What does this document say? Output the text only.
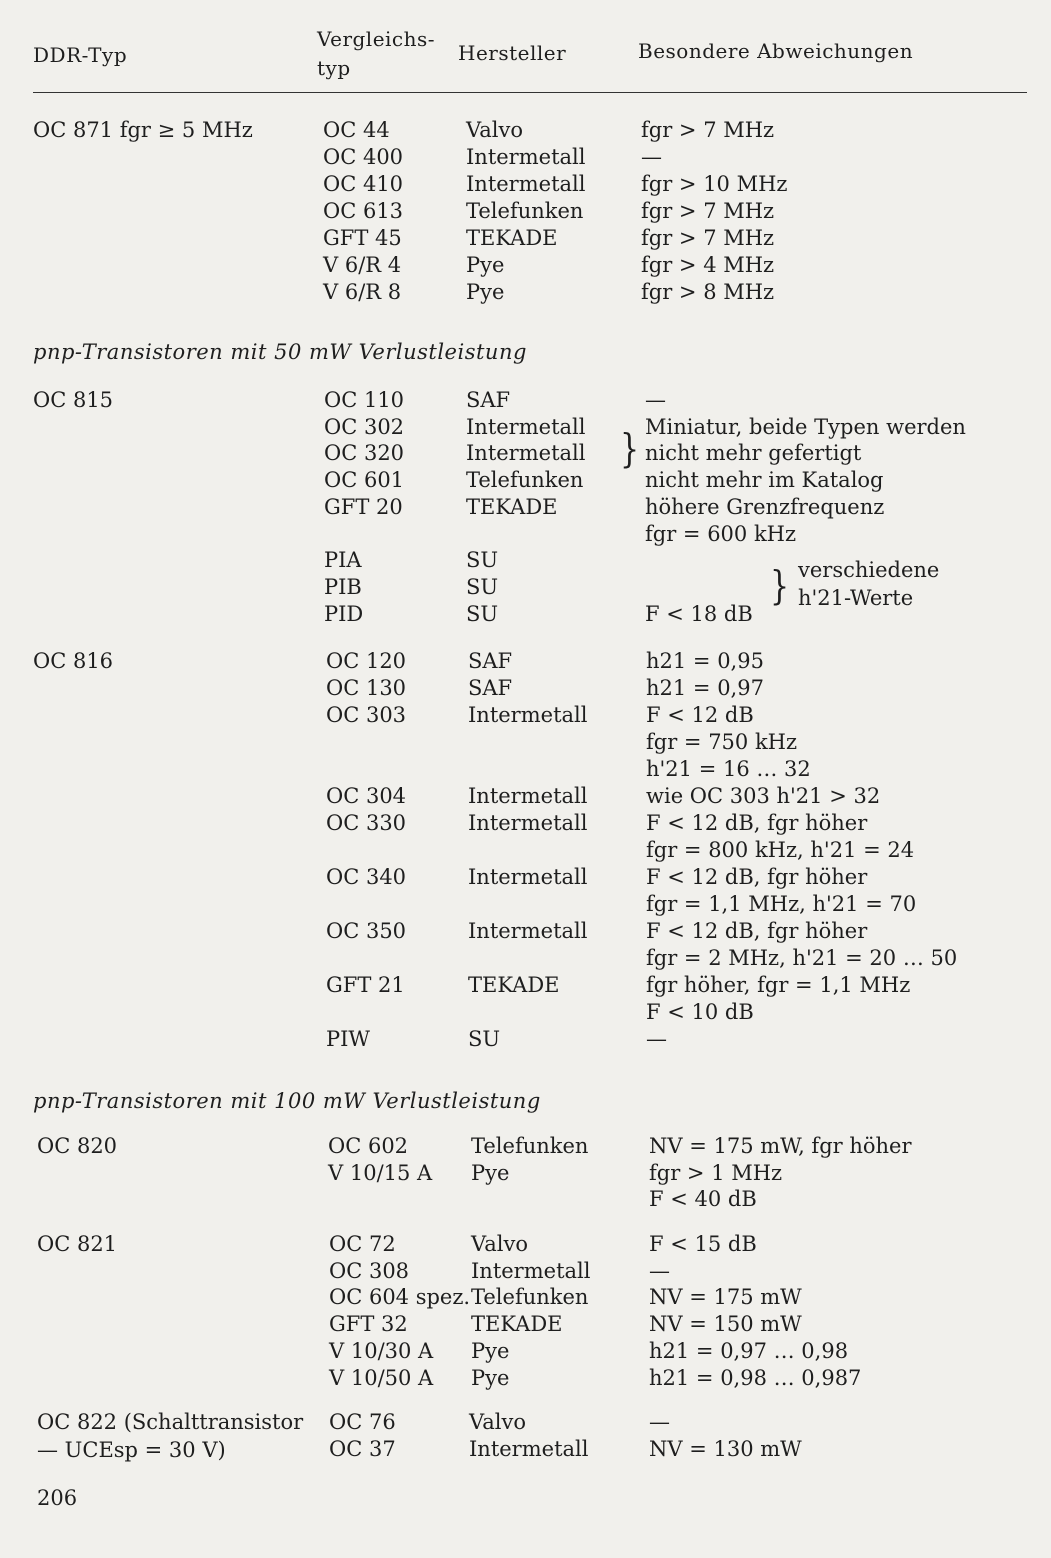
DDR-Typ
Vergleichs-
typ
Hersteller	Besondere Abweichungen
OC 871 fgr ≥ 5 MHz	OC 44	Valvo	fgr > 7 MHz
OC 400	Intermetall	—
OC 410	Intermetall	fgr > 10 MHz
OC 613	Telefunken	fgr > 7 MHz
GFT 45	TEKADE	fgr > 7 MHz
V 6/R 4	Pye	fgr > 4 MHz
V 6/R 8	Pye	fgr > 8 MHz
pnp-Transistoren mit 50 mW Verlustleistung
OC 815	OC 110	SAF	—
OC 302	Intermetall	Miniatur, beide Typen werden
OC 320	Intermetall	nicht mehr gefertigt
OC 601	Telefunken	nicht mehr im Katalog
GFT 20	TEKADE	höhere Grenzfrequenz
fgr = 600 kHz
PIA	SU
PIB	SU
PID	SU	F < 18 dB
}
} verschiedene
h'21-Werte
OC 816	OC 120	SAF	h21 = 0,95
OC 130	SAF	h21 = 0,97
OC 303	Intermetall	F < 12 dB
fgr = 750 kHz
h'21 = 16 … 32
OC 304	Intermetall	wie OC 303 h'21 > 32
OC 330	Intermetall	F < 12 dB, fgr höher
fgr = 800 kHz, h'21 = 24
OC 340	Intermetall	F < 12 dB, fgr höher
fgr = 1,1 MHz, h'21 = 70
OC 350	Intermetall	F < 12 dB, fgr höher
fgr = 2 MHz, h'21 = 20 … 50
GFT 21	TEKADE	fgr höher, fgr = 1,1 MHz
F < 10 dB
PIW	SU	—
pnp-Transistoren mit 100 mW Verlustleistung
OC 820	OC 602	Telefunken	NV = 175 mW, fgr höher
V 10/15 A Pye	fgr > 1 MHz
F < 40 dB
OC 821	OC 72	Valvo	F < 15 dB
OC 308	Intermetall	—
OC 604 spez. Telefunken	NV = 175 mW
GFT 32	TEKADE	NV = 150 mW
V 10/30 A Pye	h21 = 0,97 … 0,98
V 10/50 A Pye	h21 = 0,98 … 0,987
OC 822 (Schalttransistor
— UCEsp = 30 V)
OC 76	Valvo	—
OC 37	Intermetall	NV = 130 mW
206
